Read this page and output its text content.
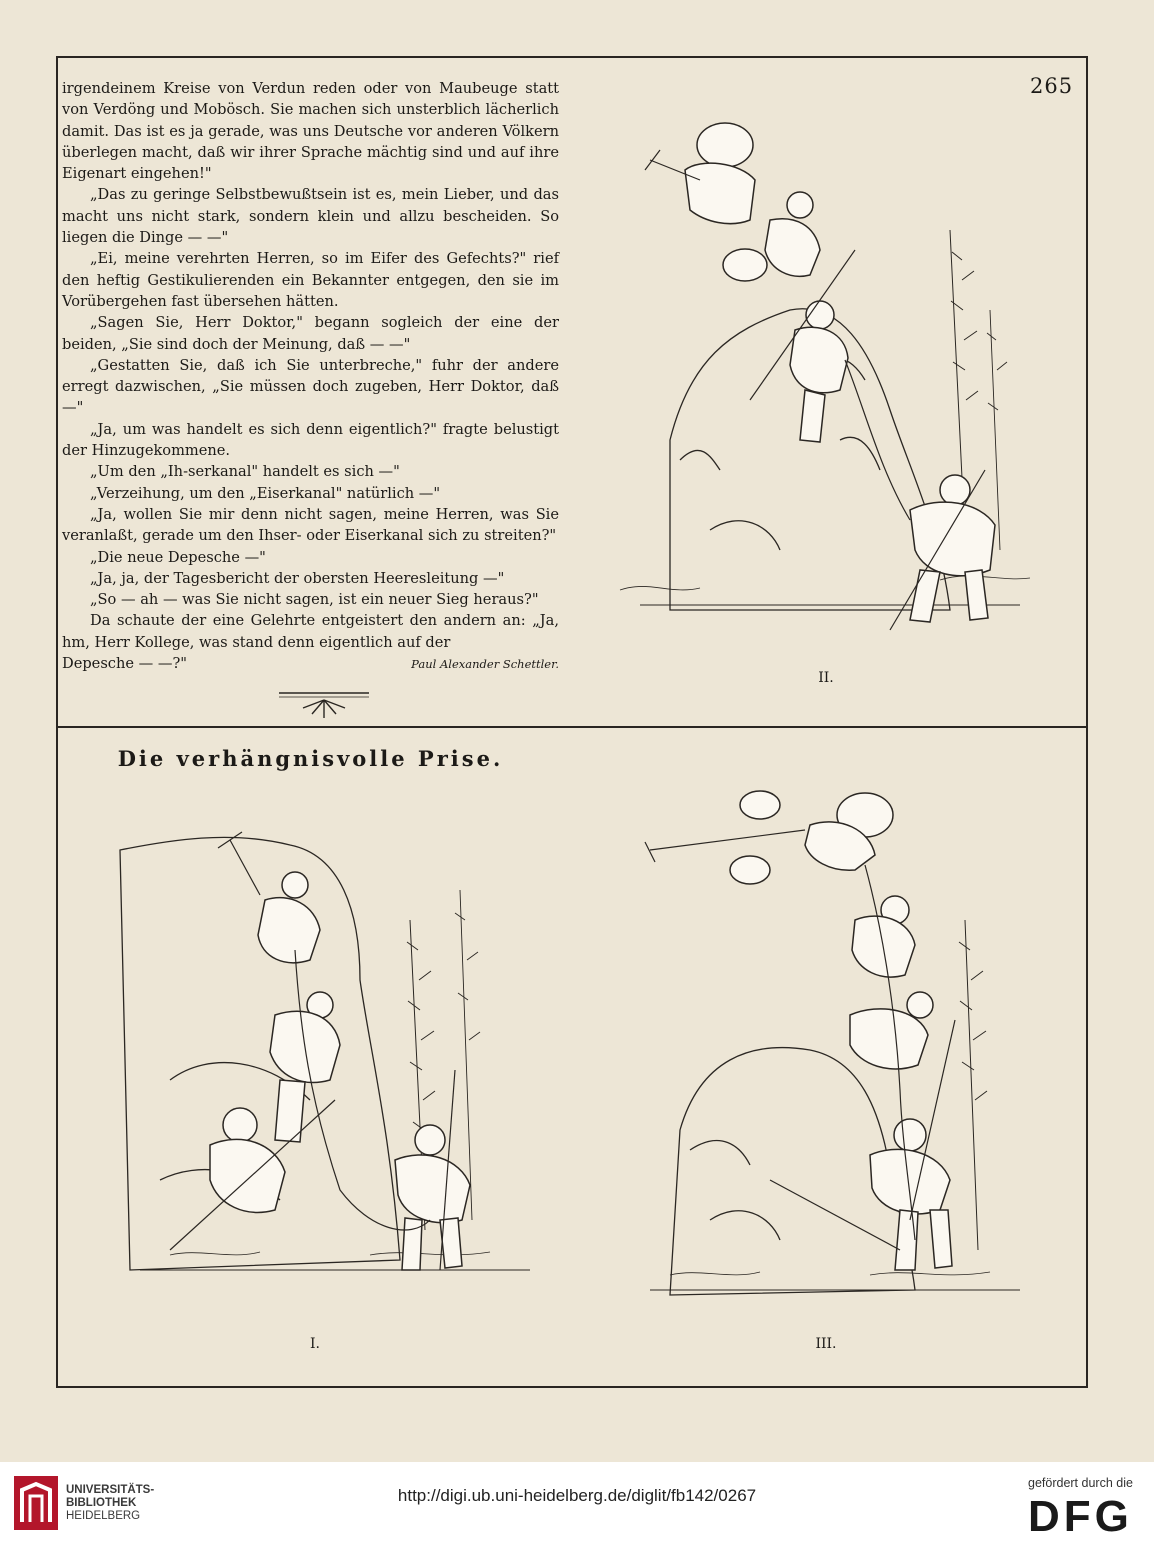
265

irgendeinem Kreise von Verdun reden oder von Maubeuge statt von Verdöng und Mobösch. Sie machen sich unsterblich lächerlich damit. Das ist es ja gerade, was uns Deutsche vor anderen Völkern überlegen macht, daß wir ihrer Sprache mächtig sind und auf ihre Eigenart eingehen!"

„Das zu geringe Selbstbewußtsein ist es, mein Lieber, und das macht uns nicht stark, sondern klein und allzu bescheiden. So liegen die Dinge — —"

„Ei, meine verehrten Herren, so im Eifer des Gefechts?" rief den heftig Gestikulierenden ein Bekannter entgegen, den sie im Vorübergehen fast übersehen hätten.

„Sagen Sie, Herr Doktor," begann sogleich der eine der beiden, „Sie sind doch der Meinung, daß — —"

„Gestatten Sie, daß ich Sie unterbreche," fuhr der andere erregt dazwischen, „Sie müssen doch zugeben, Herr Doktor, daß —"

„Ja, um was handelt es sich denn eigentlich?" fragte belustigt der Hinzugekommene.

„Um den „Ih-serkanal" handelt es sich —"

„Verzeihung, um den „Eiserkanal" natürlich —"

„Ja, wollen Sie mir denn nicht sagen, meine Herren, was Sie veranlaßt, gerade um den Ihser- oder Eiserkanal sich zu streiten?"

„Die neue Depesche —"

„Ja, ja, der Tagesbericht der obersten Heeresleitung —"

„So — ah — was Sie nicht sagen, ist ein neuer Sieg heraus?"

Da schaute der eine Gelehrte entgeistert den andern an: „Ja, hm, Herr Kollege, was stand denn eigentlich auf der

Depesche — —?"	Paul Alexander Schettler.

Die verhängnisvolle Prise.
II.
I.	III.
UNIVERSITÄTS-
BIBLIOTHEK
HEIDELBERG
http://digi.ub.uni-heidelberg.de/diglit/fb142/0267
gefördert durch die
DFG
